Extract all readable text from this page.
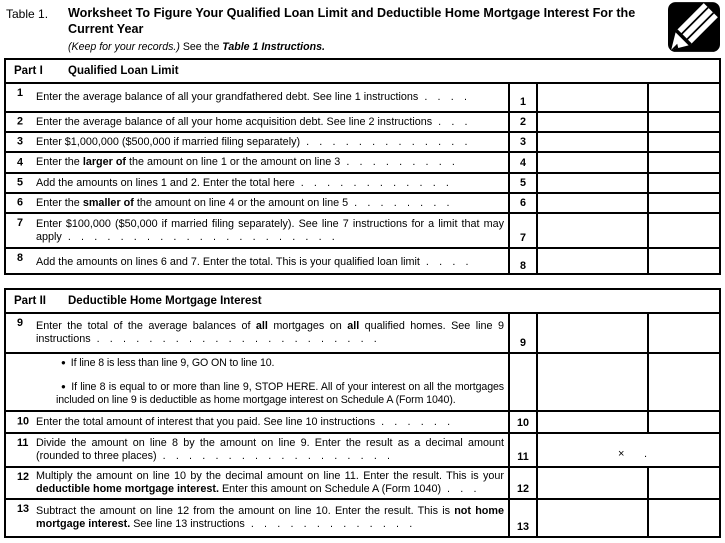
Table 1. Worksheet To Figure Your Qualified Loan Limit and Deductible Home Mortgage Interest For the Current Year
(Keep for your records.) See the Table 1 Instructions.
Part I	Qualified Loan Limit
1 Enter the average balance of all your grandfathered debt. See line 1 instructions . . . .	1
2 Enter the average balance of all your home acquisition debt. See line 2 instructions . . .	2
3 Enter $1,000,000 ($500,000 if married filing separately) . . . . . . . . . . . . .	3
4 Enter the larger of the amount on line 1 or the amount on line 3 . . . . . . . . .	4
5 Add the amounts on lines 1 and 2. Enter the total here . . . . . . . . . . . .	5
6 Enter the smaller of the amount on line 4 or the amount on line 5 . . . . . . . .	6
7 Enter $100,000 ($50,000 if married filing separately). See line 7 instructions for a limit that may apply . . . . . . . . . . . . . . . . . . . . .	7
8 Add the amounts on lines 6 and 7. Enter the total. This is your qualified loan limit . . . .	8
Part II	Deductible Home Mortgage Interest
9 Enter the total of the average balances of all mortgages on all qualified homes. See line 9 instructions . . . . . . . . . . . . . . . . . . . . . .	9

● If line 8 is less than line 9, GO ON to line 10.

● If line 8 is equal to or more than line 9, STOP HERE. All of your interest on all the mortgages included on line 9 is deductible as home mortgage interest on Schedule A (Form 1040).

10 Enter the total amount of interest that you paid. See line 10 instructions . . . . . .	10
11 Divide the amount on line 8 by the amount on line 9. Enter the result as a decimal amount (rounded to three places) . . . . . . . . . . . . . . . . . .	11	× .
12 Multiply the amount on line 10 by the decimal amount on line 11. Enter the result. This is your deductible home mortgage interest. Enter this amount on Schedule A (Form 1040) . . .	12
13 Subtract the amount on line 12 from the amount on line 10. Enter the result. This is not home mortgage interest. See line 13 instructions . . . . . . . . . . . . .	13
